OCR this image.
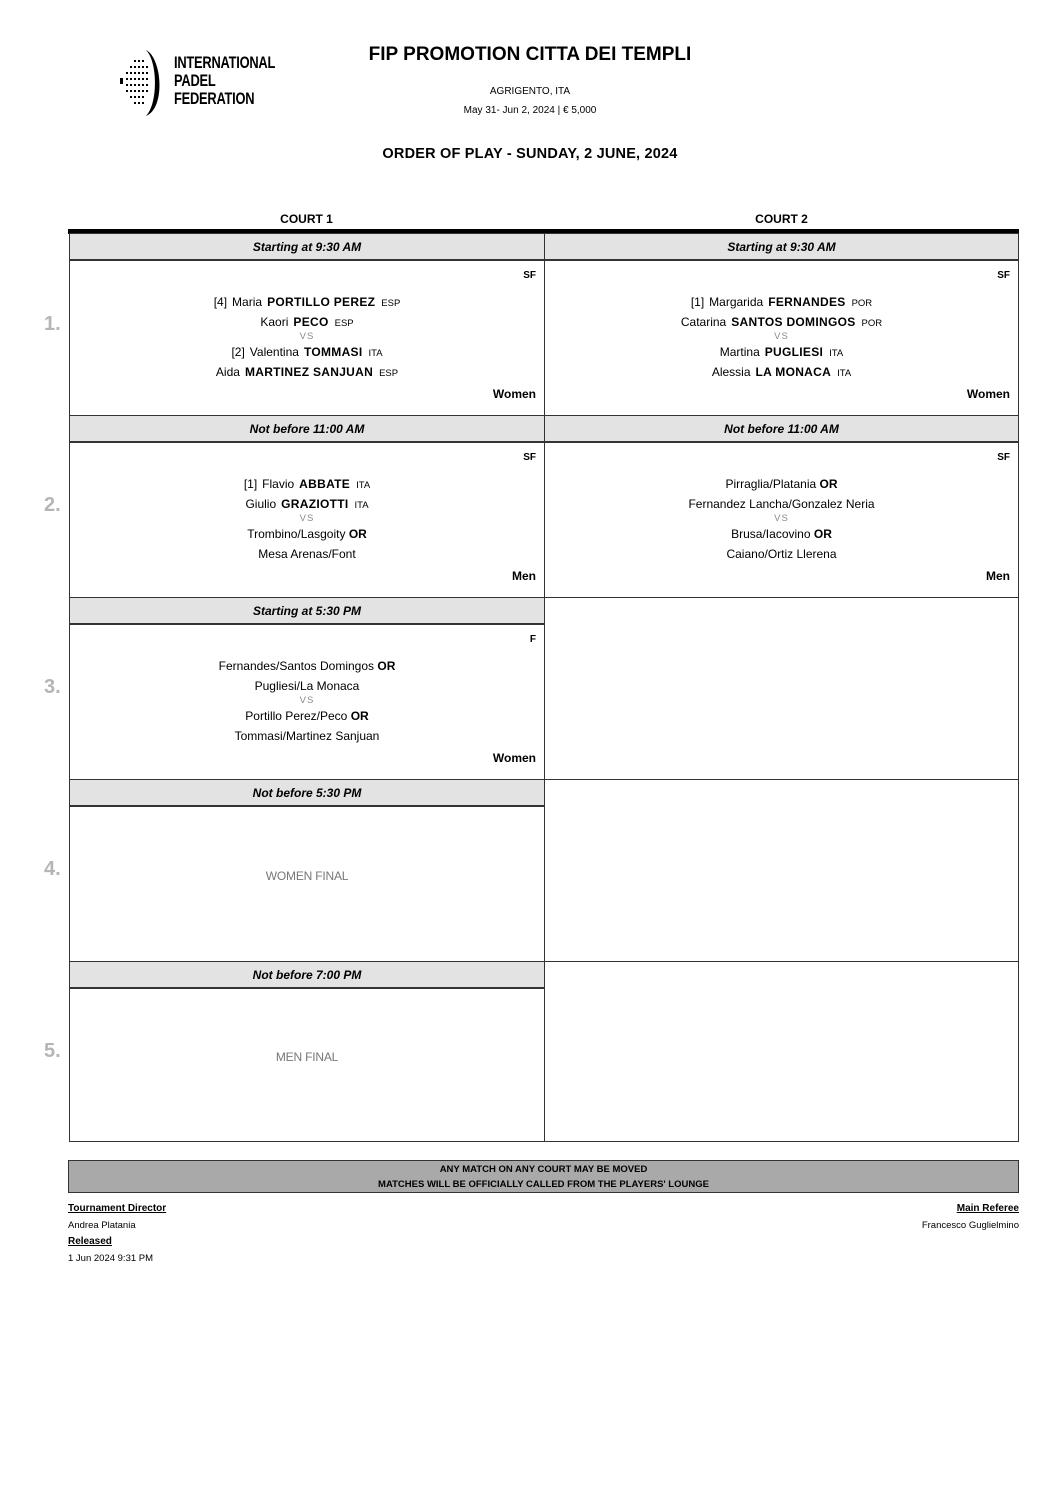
INTERNATIONAL
PADEL
FEDERATION
FIP PROMOTION CITTA DEI TEMPLI
AGRIGENTO, ITA
May 31- Jun 2, 2024 | € 5,000
ORDER OF PLAY - SUNDAY, 2 JUNE, 2024
COURT 1	COURT 2
1.
2.
3.
4.
5.
Starting at 9:30 AM
SF
[4] Maria PORTILLO PEREZ ESP
Kaori PECO ESP
VS
[2] Valentina TOMMASI ITA
Aida MARTINEZ SANJUAN ESP
Women
Starting at 9:30 AM
SF
[1] Margarida FERNANDES POR
Catarina SANTOS DOMINGOS POR
VS
Martina PUGLIESI ITA
Alessia LA MONACA ITA
Women
Not before 11:00 AM
SF
[1] Flavio ABBATE ITA
Giulio GRAZIOTTI ITA
VS
Trombino/Lasgoity OR
Mesa Arenas/Font
Men
Not before 11:00 AM
SF
Pirraglia/Platania OR
Fernandez Lancha/Gonzalez Neria
VS
Brusa/Iacovino OR
Caiano/Ortiz Llerena
Men
Starting at 5:30 PM
F
Fernandes/Santos Domingos OR
Pugliesi/La Monaca
VS
Portillo Perez/Peco OR
Tommasi/Martinez Sanjuan
Women
Not before 5:30 PM
WOMEN FINAL
Not before 7:00 PM
MEN FINAL
ANY MATCH ON ANY COURT MAY BE MOVED
MATCHES WILL BE OFFICIALLY CALLED FROM THE PLAYERS' LOUNGE
Tournament Director
Andrea Platania
Released
1 Jun 2024 9:31 PM
Main Referee
Francesco Guglielmino
